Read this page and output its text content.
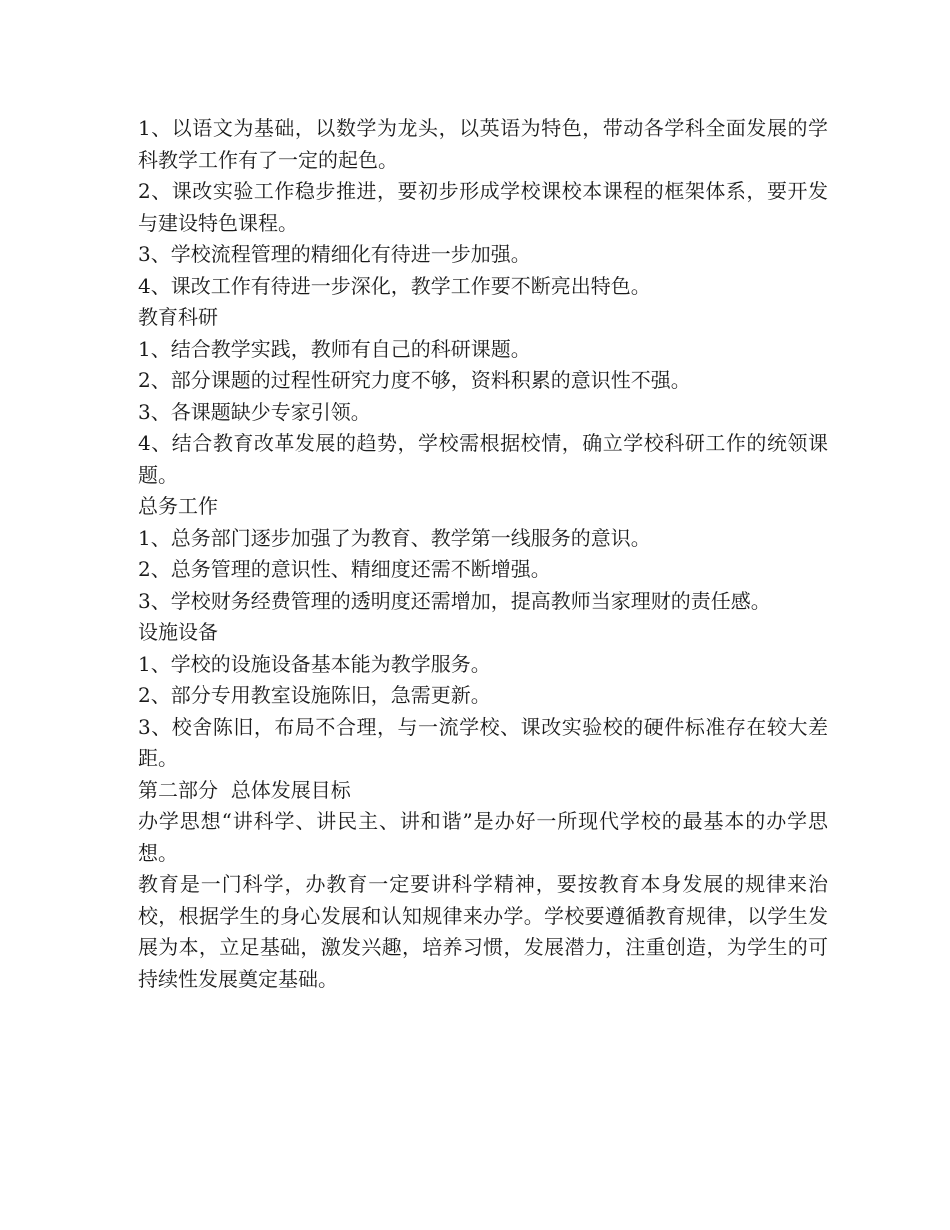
1、以语文为基础，以数学为龙头，以英语为特色，带动各学科全面发展的学科教学工作有了一定的起色。

2、课改实验工作稳步推进，要初步形成学校课校本课程的框架体系，要开发与建设特色课程。

3、学校流程管理的精细化有待进一步加强。

4、课改工作有待进一步深化，教学工作要不断亮出特色。

教育科研

1、结合教学实践，教师有自己的科研课题。

2、部分课题的过程性研究力度不够，资料积累的意识性不强。

3、各课题缺少专家引领。

4、结合教育改革发展的趋势，学校需根据校情，确立学校科研工作的统领课题。

总务工作

1、总务部门逐步加强了为教育、教学第一线服务的意识。

2、总务管理的意识性、精细度还需不断增强。

3、学校财务经费管理的透明度还需增加，提高教师当家理财的责任感。

设施设备

1、学校的设施设备基本能为教学服务。

2、部分专用教室设施陈旧，急需更新。

3、校舍陈旧，布局不合理，与一流学校、课改实验校的硬件标准存在较大差距。

第二部分  总体发展目标

办学思想“讲科学、讲民主、讲和谐”是办好一所现代学校的最基本的办学思想。

教育是一门科学，办教育一定要讲科学精神，要按教育本身发展的规律来治校，根据学生的身心发展和认知规律来办学。学校要遵循教育规律，以学生发展为本，立足基础，激发兴趣，培养习惯，发展潜力，注重创造，为学生的可持续性发展奠定基础。
